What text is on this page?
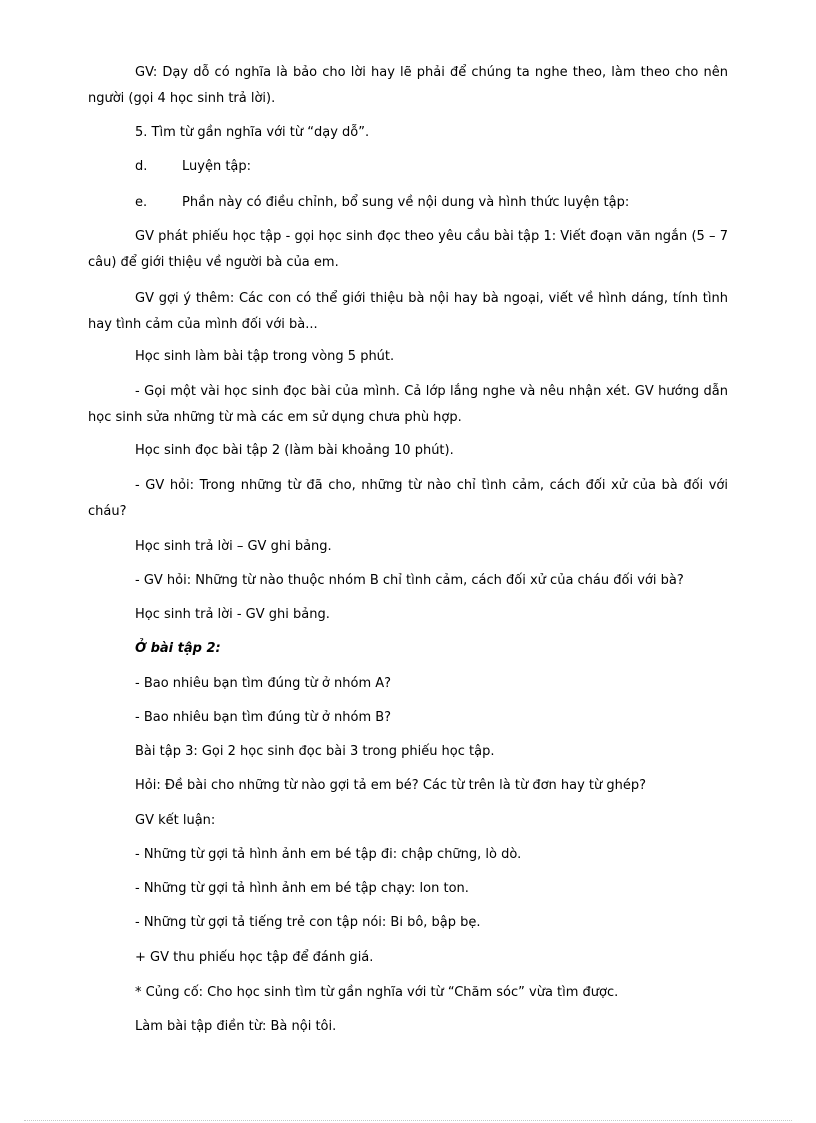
GV: Dạy dỗ có nghĩa là bảo cho lời hay lẽ phải để chúng ta nghe theo, làm theo cho nên người (gọi 4 học sinh trả lời).

5. Tìm từ gần nghĩa với từ “dạy dỗ”.

d.	Luyện tập:
e.	Phần này có điều chỉnh, bổ sung về nội dung và hình thức luyện tập:

GV phát phiếu học tập - gọi học sinh đọc theo yêu cầu bài tập 1: Viết đoạn văn ngắn (5 – 7 câu) để giới thiệu về người bà của em.

GV gợi ý thêm: Các con có thể giới thiệu bà nội hay bà ngoại, viết về hình dáng, tính tình hay tình cảm của mình đối với bà...

Học sinh làm bài tập trong vòng 5 phút.

- Gọi một vài học sinh đọc bài của mình. Cả lớp lắng nghe và nêu nhận xét. GV hướng dẫn học sinh sửa những từ mà các em sử dụng chưa phù hợp.

Học sinh đọc bài tập 2 (làm bài khoảng 10 phút).

- GV hỏi: Trong những từ đã cho, những từ nào chỉ tình cảm, cách đối xử của bà đối với cháu?

Học sinh trả lời – GV ghi bảng.

- GV hỏi: Những từ nào thuộc nhóm B chỉ tình cảm, cách đối xử của cháu đối với bà?

Học sinh trả lời - GV ghi bảng.

Ở bài tập 2:

- Bao nhiêu bạn tìm đúng từ ở nhóm A?

- Bao nhiêu bạn tìm đúng từ ở nhóm B?

Bài tập 3: Gọi 2 học sinh đọc bài 3 trong phiếu học tập.

Hỏi: Đề bài cho những từ nào gợi tả em bé? Các từ trên là từ đơn hay từ ghép?

GV kết luận:

- Những từ gợi tả hình ảnh em bé tập đi: chập chững, lò dò.

- Những từ gợi tả hình ảnh em bé tập chạy: lon ton.

- Những từ gợi tả tiếng trẻ con tập nói: Bi bô, bập bẹ.

+ GV thu phiếu học tập để đánh giá.

* Củng cố: Cho học sinh tìm từ gần nghĩa với từ “Chăm sóc” vừa tìm được.

Làm bài tập điền từ: Bà nội tôi.
